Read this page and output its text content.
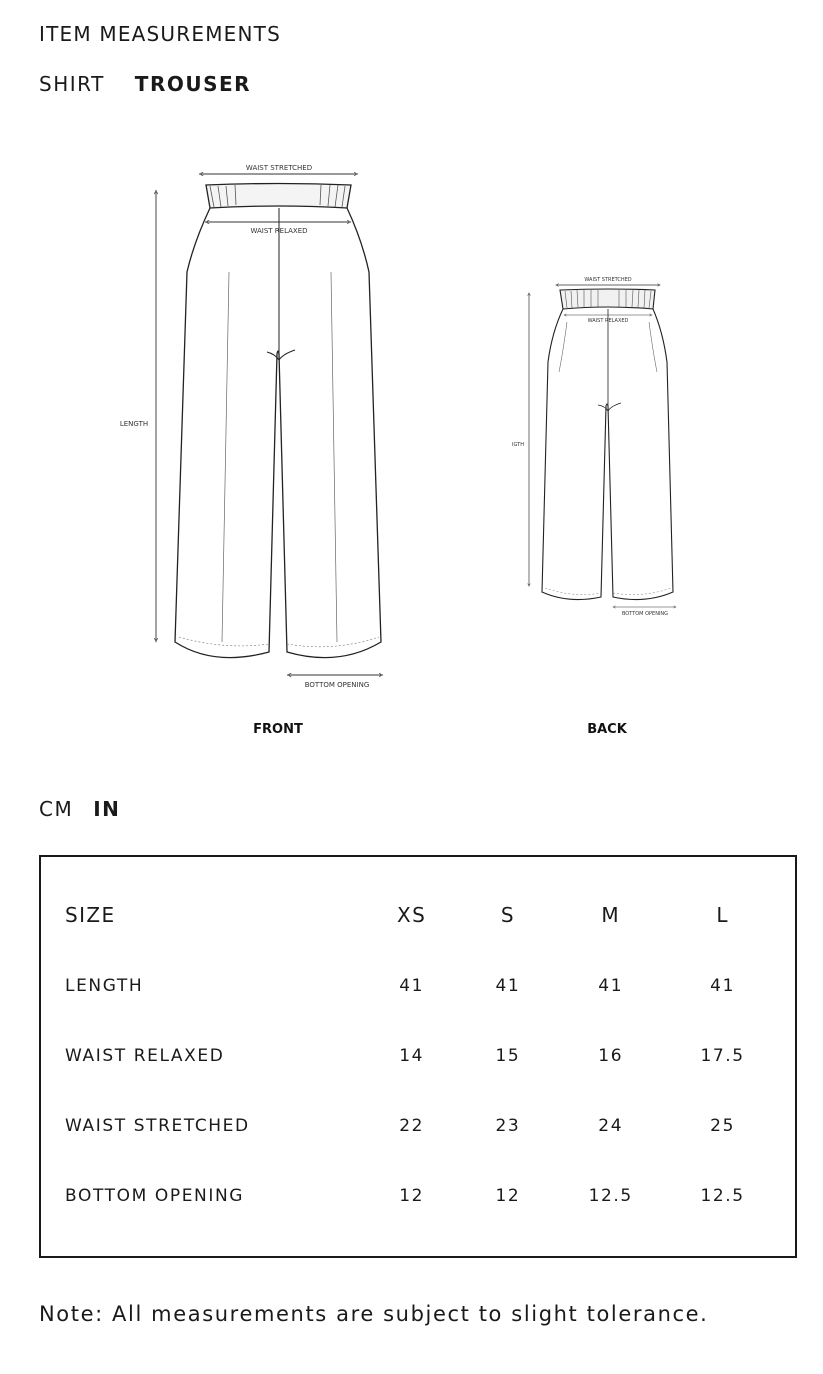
ITEM MEASUREMENTS
SHIRT TROUSER
WAIST STRETCHED
WAIST RELAXED
LENGTH
BOTTOM OPENING
FRONT
WAIST STRETCHED
WAIST RELAXED
IGTH
BOTTOM OPENING
BACK
CM IN
SIZE	XS	S	M	L
LENGTH	41	41	41	41
WAIST RELAXED	14	15	16	17.5
WAIST STRETCHED	22	23	24	25
BOTTOM OPENING	12	12	12.5	12.5

Note: All measurements are subject to slight tolerance.
